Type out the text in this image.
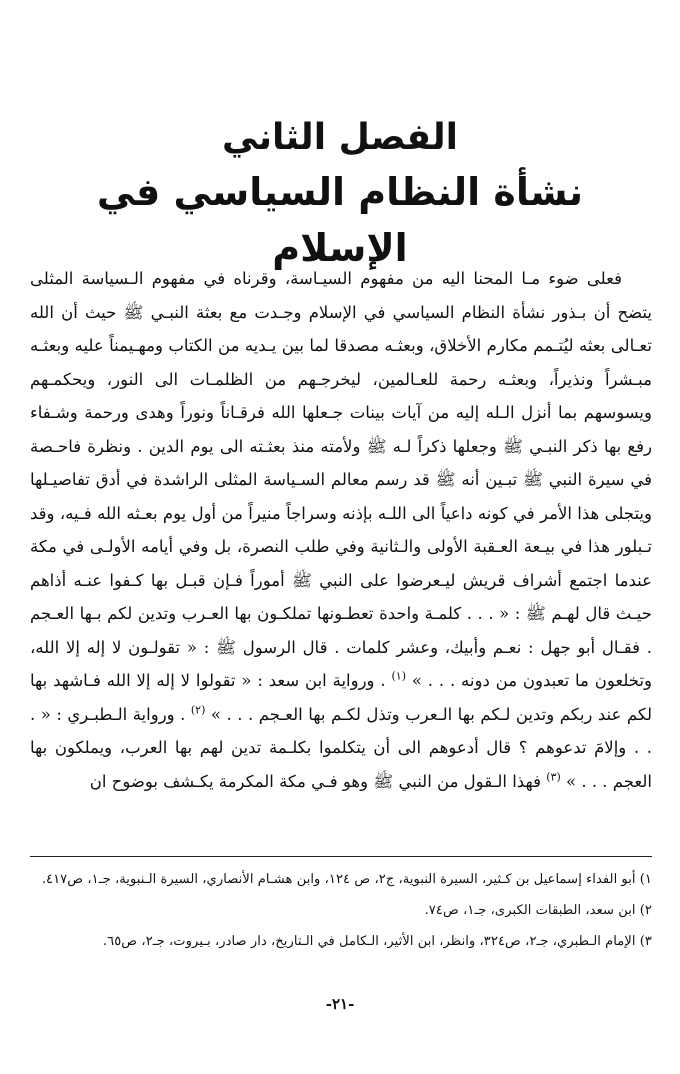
الفصل الثاني
نشأة النظام السياسي في الإسلام

فعلى ضوء مـا المحنا اليه من مفهوم السيـاسة، وقرناه في مفهوم الـسياسة المثلى يتضح أن بـذور نشأة النظام السياسي في الإسلام وجـدت مع بعثة النبـي ﷺ حيث أن الله تعـالى بعثه ليُتـمم مكارم الأخلاق، وبعثـه مصدقا لما بين يـديه من الكتاب ومهـيمناً عليه وبعثـه مبـشراً ونذيراً، وبعثـه رحمة للعـالمين، ليخرجـهم من الظلمـات الى النور، ويحكمـهم ويسوسهم بما أنزل الـله إليه من آيات بينات جـعلها الله فرقـاناً ونوراً وهدى ورحمة وشـفاء رفع بها ذكر النبـي ﷺ وجعلها ذكراً لـه ﷺ ولأمته منذ بعثـته الى يوم الدين . ونظرة فاحـصة في سيرة النبي ﷺ تبـين أنه ﷺ قد رسم معالم السـياسة المثلى الراشدة في أدق تفاصيـلها ويتجلى هذا الأمر في كونه داعياً الى اللـه بإذنه وسراجاً منيراً من أول يوم بعـثه الله فـيه، وقد تـبلور هذا في بيـعة العـقبة الأولى والـثانية وفي طلب النصرة، بل وفي أيامه الأولـى في مكة عندما اجتمع أشراف قريش ليـعرضوا على النبي ﷺ أموراً فـإن قبـل بها كـفوا عنـه أذاهم حيـث قال لهـم ﷺ : « . . . كلمـة واحدة تعطـونها تملكـون بها العـرب وتدين لكم بـها العـجم . فقـال أبو جهل : نعـم وأبيك، وعشر كلمات . قال الرسول ﷺ : « تقولـون لا إله إلا الله، وتخلعون ما تعبدون من دونه . . . » $^{(١)}$ . ورواية ابن سعد : « تقولوا لا إله إلا الله فـاشهد بها لكم عند ربكم وتدين لـكم بها الـعرب وتذل لكـم بها العـجم . . . » $^{(٢)}$ . ورواية الـطبـري : « . . . وإلامَ تدعوهم ؟ قال أدعوهم الى أن يتكلموا بكلـمة تدين لهم بها العرب، ويملكون بها العجم . . . » $^{(٣)}$ فهذا الـقول من النبي ﷺ وهو فـي مكة المكرمة يكـشف بوضوح ان

١) أبو الفداء إسماعيل بن كـثير، السيرة النبوية، ج٢، ص ١٢٤، وابن هشـام الأنصاري، السيرة الـنبوية، جـ١، ص٤١٧.
٢) ابن سعد، الطبقات الكبرى، جـ١، ص٧٤.
٣) الإمام الـطبري، جـ٢، ص٣٢٤، وانظر، ابن الأثير، الـكامل في الـتاريخ، دار صادر، بـيروت، جـ٢، ص٦٥.
-٢١-
